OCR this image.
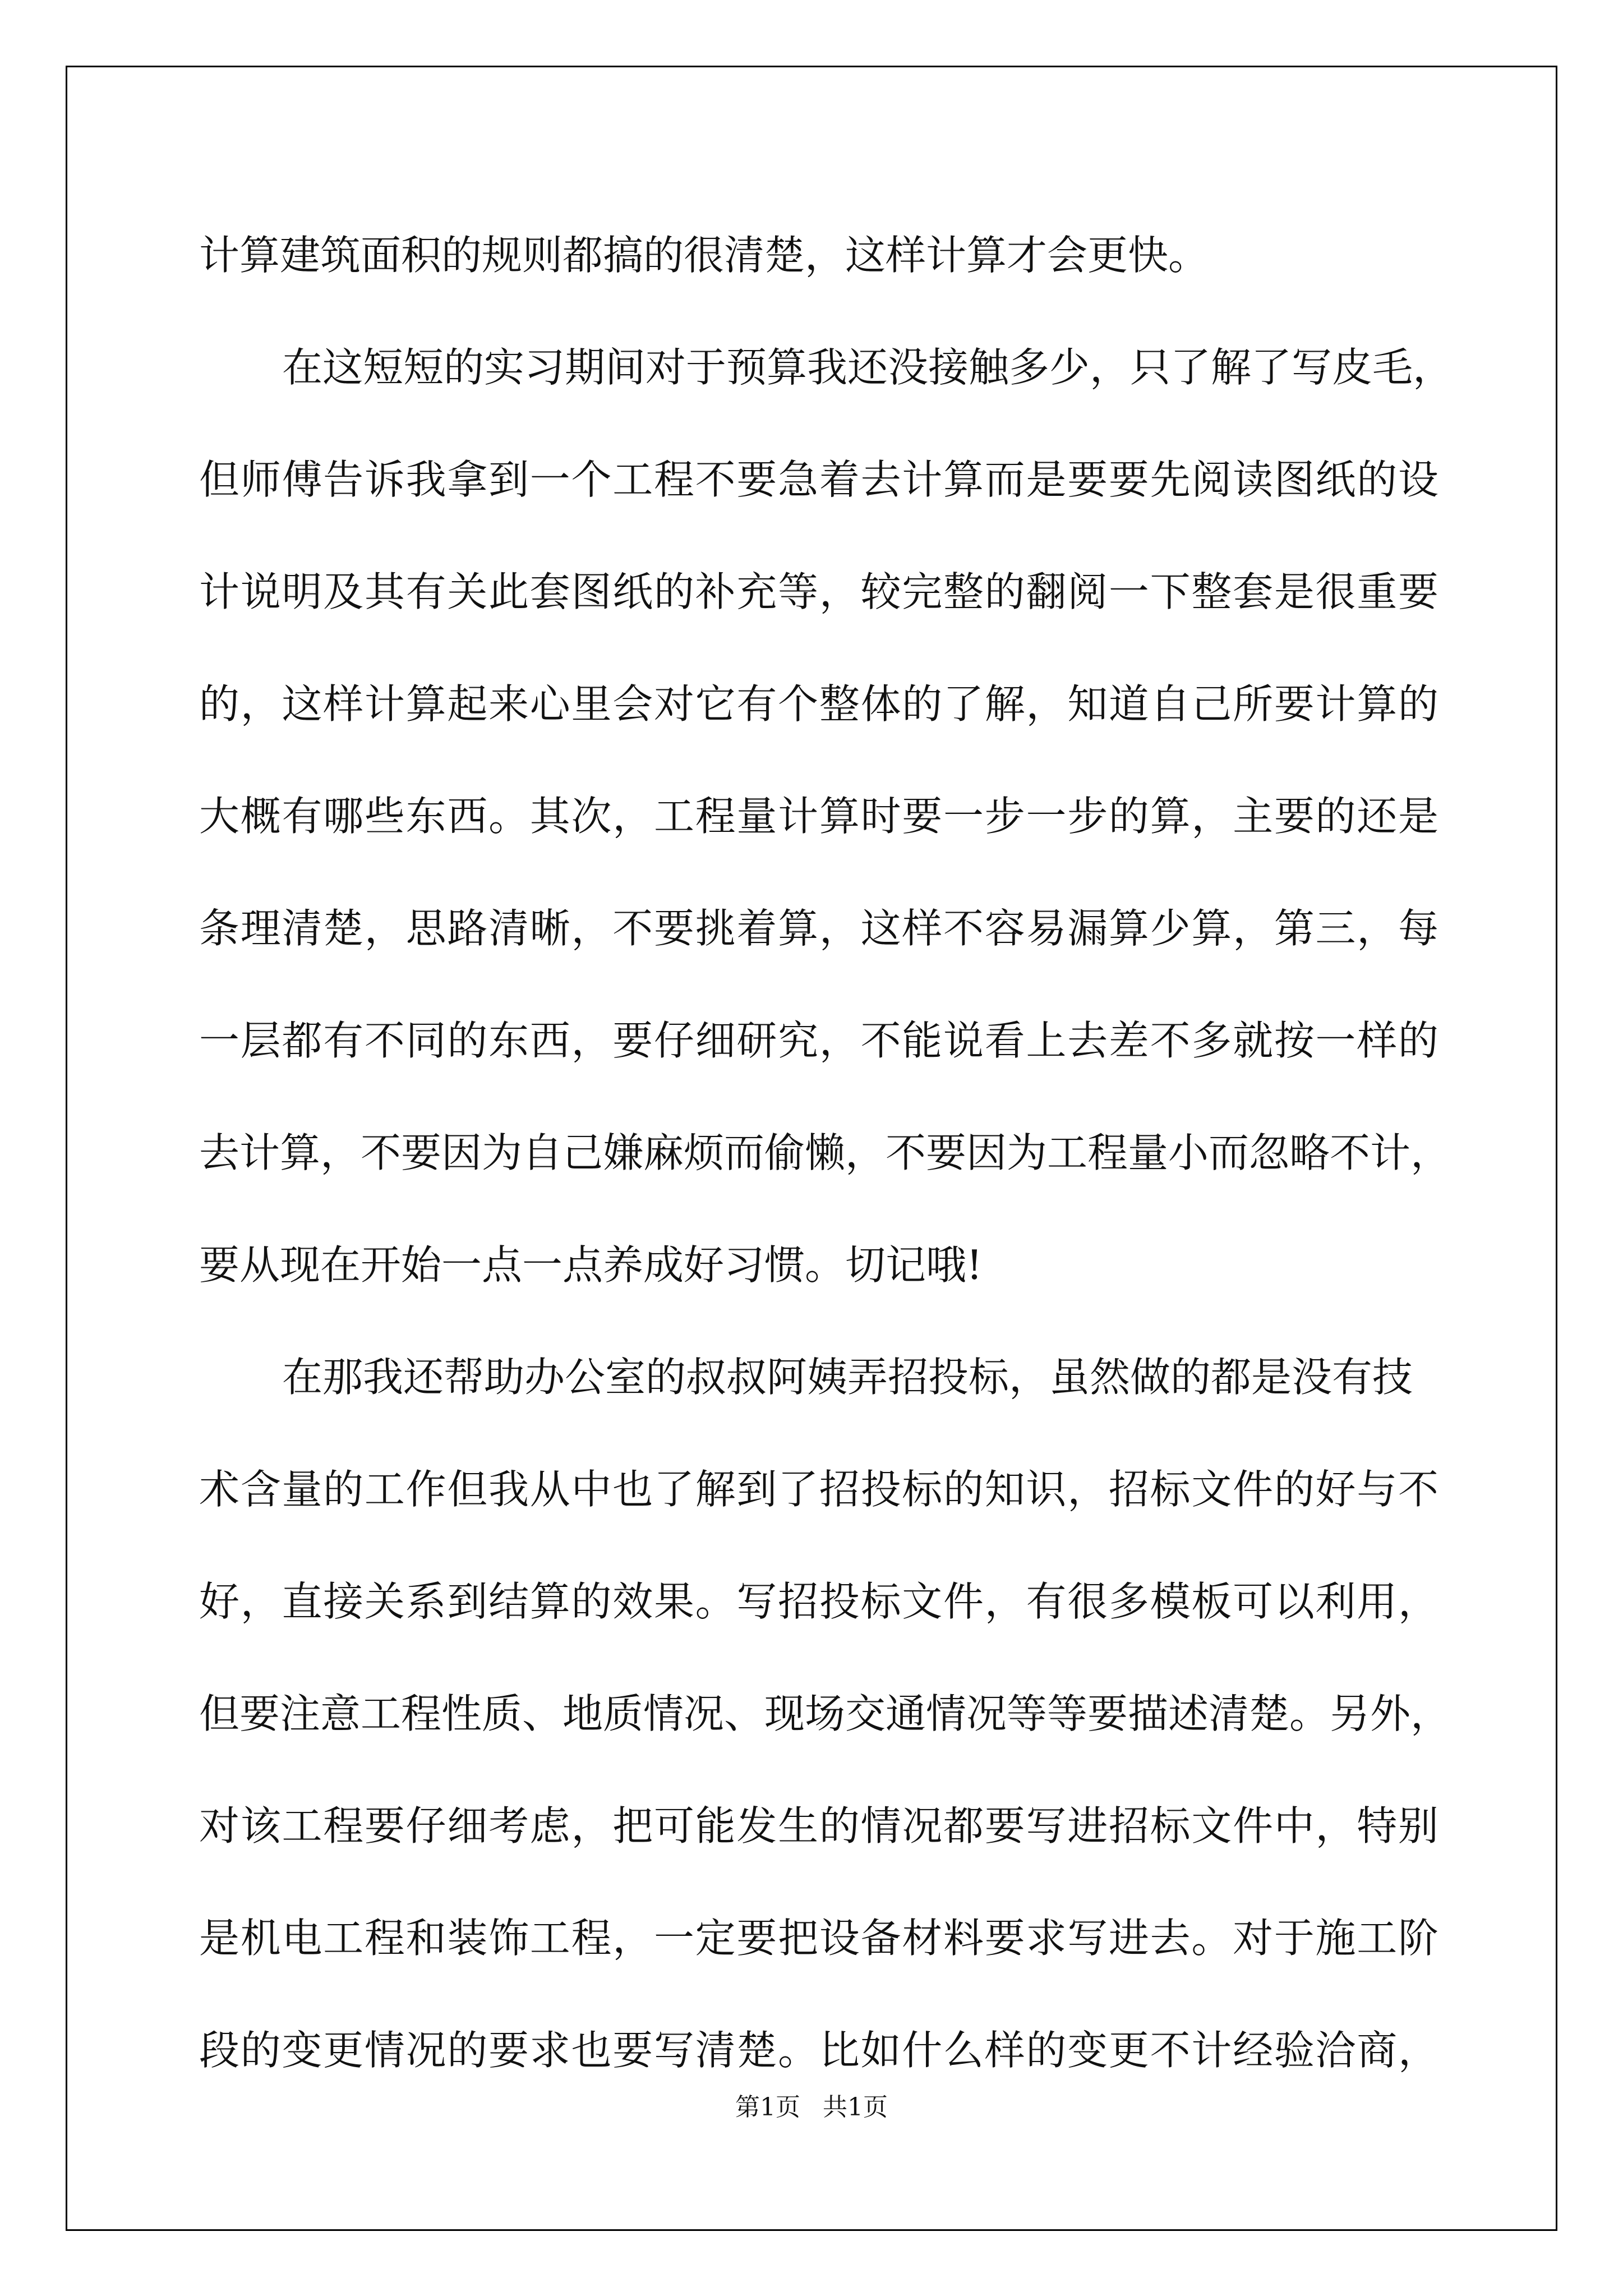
计算建筑面积的规则都搞的很清楚，这样计算才会更快。
在这短短的实习期间对于预算我还没接触多少，只了解了写皮毛，
但师傅告诉我拿到一个工程不要急着去计算而是要要先阅读图纸的设
计说明及其有关此套图纸的补充等，较完整的翻阅一下整套是很重要
的，这样计算起来心里会对它有个整体的了解，知道自己所要计算的
大概有哪些东西。其次，工程量计算时要一步一步的算，主要的还是
条理清楚，思路清晰，不要挑着算，这样不容易漏算少算，第三，每
一层都有不同的东西，要仔细研究，不能说看上去差不多就按一样的
去计算，不要因为自己嫌麻烦而偷懒，不要因为工程量小而忽略不计，
要从现在开始一点一点养成好习惯。切记哦!
在那我还帮助办公室的叔叔阿姨弄招投标，虽然做的都是没有技
术含量的工作但我从中也了解到了招投标的知识，招标文件的好与不
好，直接关系到结算的效果。写招投标文件，有很多模板可以利用，
但要注意工程性质、地质情况、现场交通情况等等要描述清楚。另外，
对该工程要仔细考虑，把可能发生的情况都要写进招标文件中，特别
是机电工程和装饰工程，一定要把设备材料要求写进去。对于施工阶
段的变更情况的要求也要写清楚。比如什么样的变更不计经验洽商，
第1页 共1页
